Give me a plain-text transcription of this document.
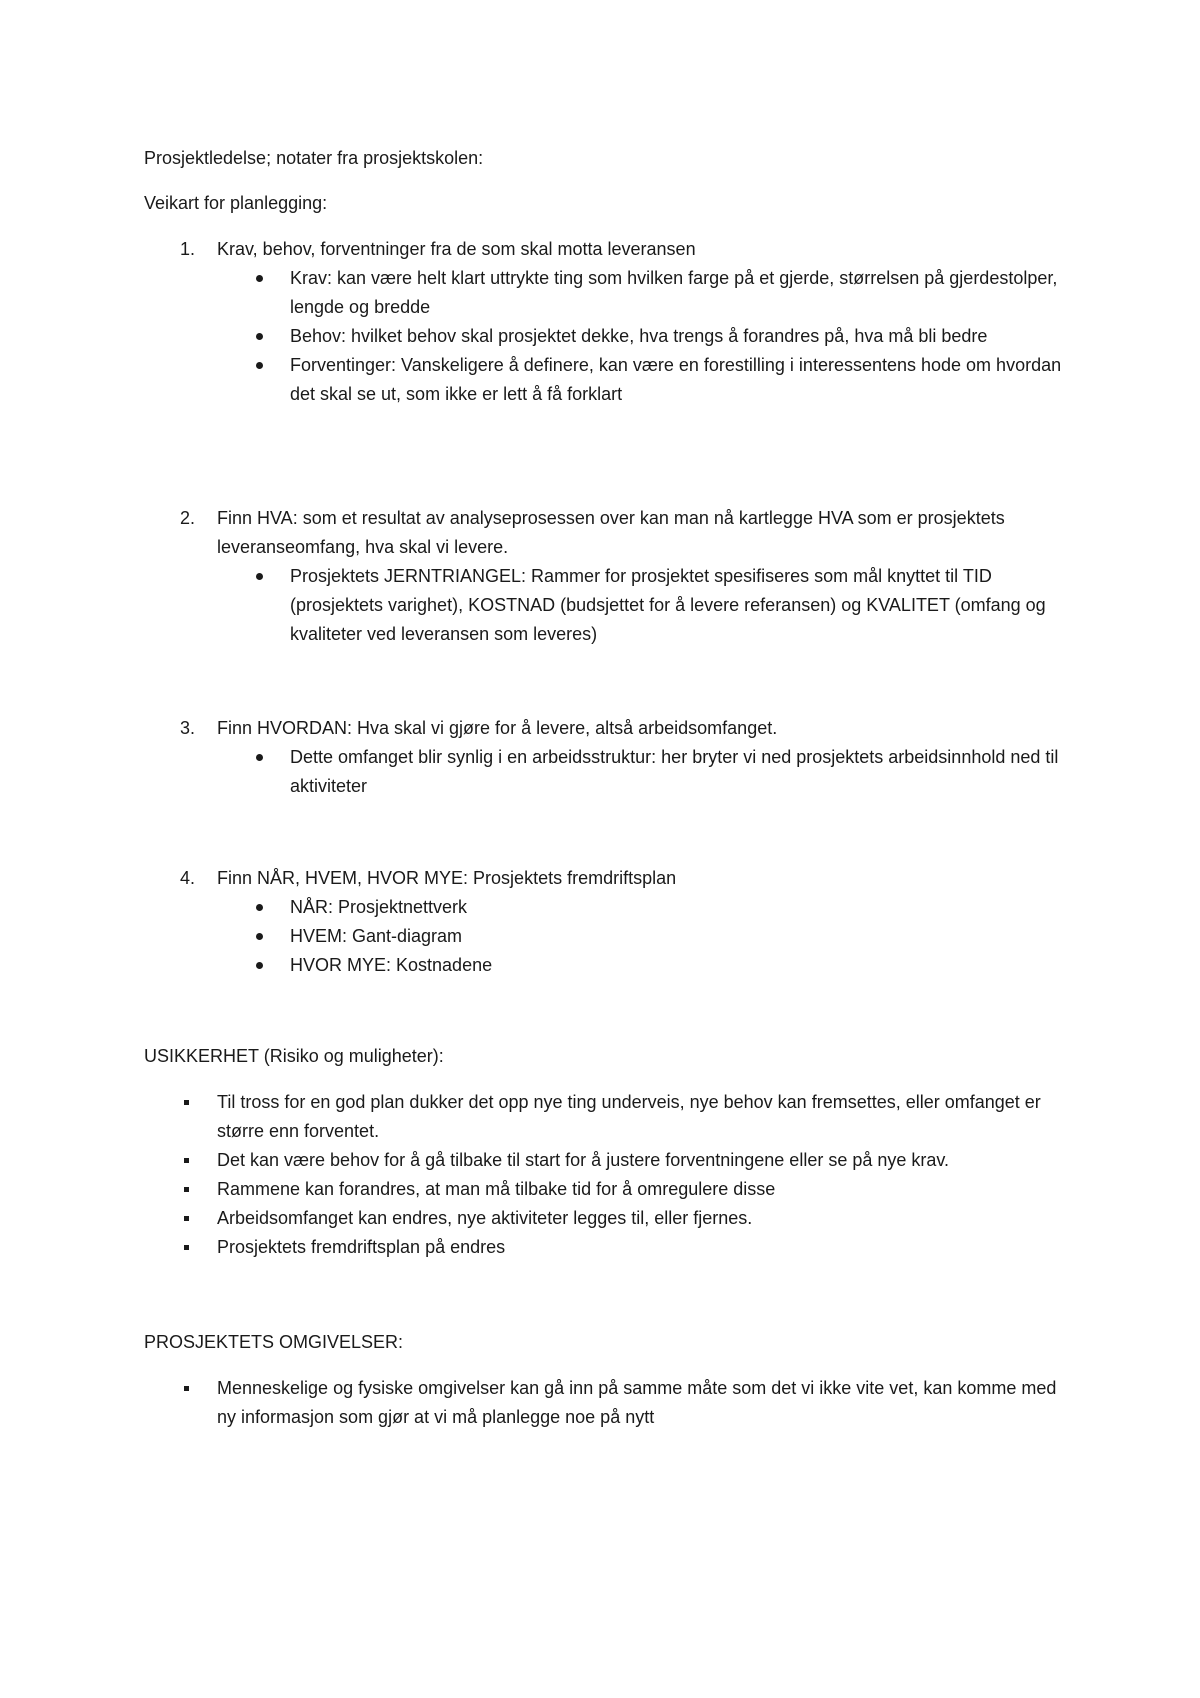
Prosjektledelse; notater fra prosjektskolen:

Veikart for planlegging:

1. Krav, behov, forventninger fra de som skal motta leveransen

Krav: kan være helt klart uttrykte ting som hvilken farge på et gjerde, størrelsen på gjerdestolper, lengde og bredde
Behov: hvilket behov skal prosjektet dekke, hva trengs å forandres på, hva må bli bedre
Forventinger: Vanskeligere å definere, kan være en forestilling i interessentens hode om hvordan det skal se ut, som ikke er lett å få forklart
2. Finn HVA: som et resultat av analyseprosessen over kan man nå kartlegge HVA som er prosjektets leveranseomfang, hva skal vi levere.

Prosjektets JERNTRIANGEL: Rammer for prosjektet spesifiseres som mål knyttet til TID (prosjektets varighet), KOSTNAD (budsjettet for å levere referansen) og KVALITET (omfang og kvaliteter ved leveransen som leveres)
3. Finn HVORDAN: Hva skal vi gjøre for å levere, altså arbeidsomfanget.

Dette omfanget blir synlig i en arbeidsstruktur: her bryter vi ned prosjektets arbeidsinnhold ned til aktiviteter
4. Finn NÅR, HVEM, HVOR MYE: Prosjektets fremdriftsplan

NÅR: Prosjektnettverk
HVEM: Gant-diagram
HVOR MYE: Kostnadene

USIKKERHET (Risiko og muligheter):

Til tross for en god plan dukker det opp nye ting underveis, nye behov kan fremsettes, eller omfanget er større enn forventet.
Det kan være behov for å gå tilbake til start for å justere forventningene eller se på nye krav.
Rammene kan forandres, at man må tilbake tid for å omregulere disse
Arbeidsomfanget kan endres, nye aktiviteter legges til, eller fjernes.
Prosjektets fremdriftsplan på endres

PROSJEKTETS OMGIVELSER:

Menneskelige og fysiske omgivelser kan gå inn på samme måte som det vi ikke vite vet, kan komme med ny informasjon som gjør at vi må planlegge noe på nytt
